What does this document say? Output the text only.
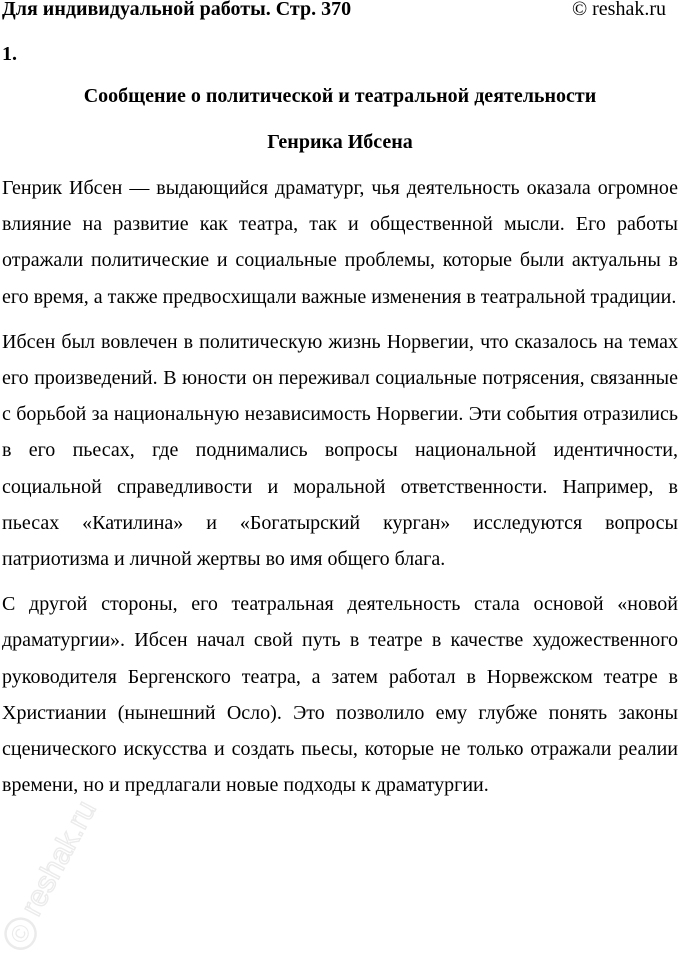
Для индивидуальной работы. Стр. 370	© reshak.ru
1.
Сообщение о политической и театральной деятельности
Генрика Ибсена

Генрик Ибсен — выдающийся драматург, чья деятельность оказала огромное влияние на развитие как театра, так и общественной мысли. Его работы отражали политические и социальные проблемы, которые были актуальны в его время, а также предвосхищали важные изменения в театральной традиции.

Ибсен был вовлечен в политическую жизнь Норвегии, что сказалось на темах его произведений. В юности он переживал социальные потрясения, связанные с борьбой за национальную независимость Норвегии. Эти события отразились в его пьесах, где поднимались вопросы национальной идентичности, социальной справедливости и моральной ответственности. Например, в пьесах «Катилина» и «Богатырский курган» исследуются вопросы патриотизма и личной жертвы во имя общего блага.

С другой стороны, его театральная деятельность стала основой «новой драматургии». Ибсен начал свой путь в театре в качестве художественного руководителя Бергенского театра, а затем работал в Норвежском театре в Христиании (нынешний Осло). Это позволило ему глубже понять законы сценического искусства и создать пьесы, которые не только отражали реалии времени, но и предлагали новые подходы к драматургии.

©
reshak.ru
